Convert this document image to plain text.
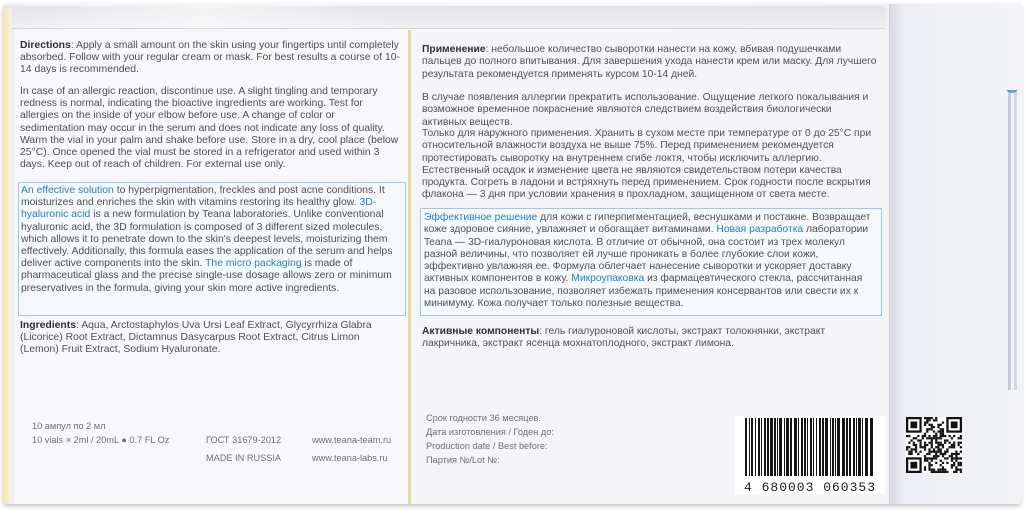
Directions: Apply a small amount on the skin using your fingertips until completely absorbed. Follow with your regular cream or mask. For best results a course of 10-14 days is recommended.

In case of an allergic reaction, discontinue use. A slight tingling and temporary redness is normal, indicating the bioactive ingredients are working. Test for allergies on the inside of your elbow before use. A change of color or sedimentation may occur in the serum and does not indicate any loss of quality. Warm the vial in your palm and shake before use. Store in a dry, cool place (below 25°C). Once opened the vial must be stored in a refrigerator and used within 3 days. Keep out of reach of children. For external use only.

An effective solution to hyperpigmentation, freckles and post acne conditions. It moisturizes and enriches the skin with vitamins restoring its healthy glow. 3D-hyaluronic acid is a new formulation by Teana laboratories. Unlike conventional hyaluronic acid, the 3D formulation is composed of 3 different sized molecules, which allows it to penetrate down to the skin's deepest levels, moisturizing them effectively. Additionally, this formula eases the application of the serum and helps deliver active components into the skin. The micro packaging is made of pharmaceutical glass and the precise single-use dosage allows zero or minimum preservatives in the formula, giving your skin more active ingredients.

Ingredients: Aqua, Arctostaphylos Uva Ursi Leaf Extract, Glycyrrhiza Glabra (Licorice) Root Extract, Dictamnus Dasycarpus Root Extract, Citrus Limon (Lemon) Fruit Extract, Sodium Hyaluronate.

Применение: небольшое количество сыворотки нанести на кожу, вбивая подушечками пальцев до полного впитывания. Для завершения ухода нанести крем или маску. Для лучшего результата рекомендуется применять курсом 10-14 дней.

В случае появления аллергии прекратить использование. Ощущение легкого покалывания и возможное временное покраснение являются следствием воздействия биологически активных веществ.

Только для наружного применения. Хранить в сухом месте при температуре от 0 до 25°С при относительной влажности воздуха не выше 75%. Перед применением рекомендуется протестировать сыворотку на внутреннем сгибе локтя, чтобы исключить аллергию. Естественный осадок и изменение цвета не являются свидетельством потери качества продукта. Согреть в ладони и встряхнуть перед применением. Срок годности после вскрытия флакона — 3 дня при условии хранения в прохладном, защищенном от света месте.

Эффективное решение для кожи с гиперпигментацией, веснушками и постакне. Возвращает коже здоровое сияние, увлажняет и обогащает витаминами. Новая разработка лаборатории Teana — 3D-гиалуроновая кислота. В отличие от обычной, она состоит из трех молекул разной величины, что позволяет ей лучше проникать в более глубокие слои кожи, эффективно увлажняя ее. Формула облегчает нанесение сыворотки и ускоряет доставку активных компонентов в кожу. Микроупаковка из фармацевтического стекла, рассчитанная на разовое использование, позволяет избежать применения консервантов или свести их к минимуму. Кожа получает только полезные вещества.

Активные компоненты: гель гиалуроновой кислоты, экстракт толокнянки, экстракт лакричника, экстракт ясенца мохнатоплодного, экстракт лимона.

10 ампул по 2 мл

10 vials × 2ml / 20mL ● 0.7 FL Oz	ГОСТ 31679-2012

MADE IN RUSSIA

www.teana-team.ru

www.teana-labs.ru

Срок годности 36 месяцев.

Дата изготовления / Годен до:

Production date / Best before:

Партия №/Lot №:

4 680003 060353
